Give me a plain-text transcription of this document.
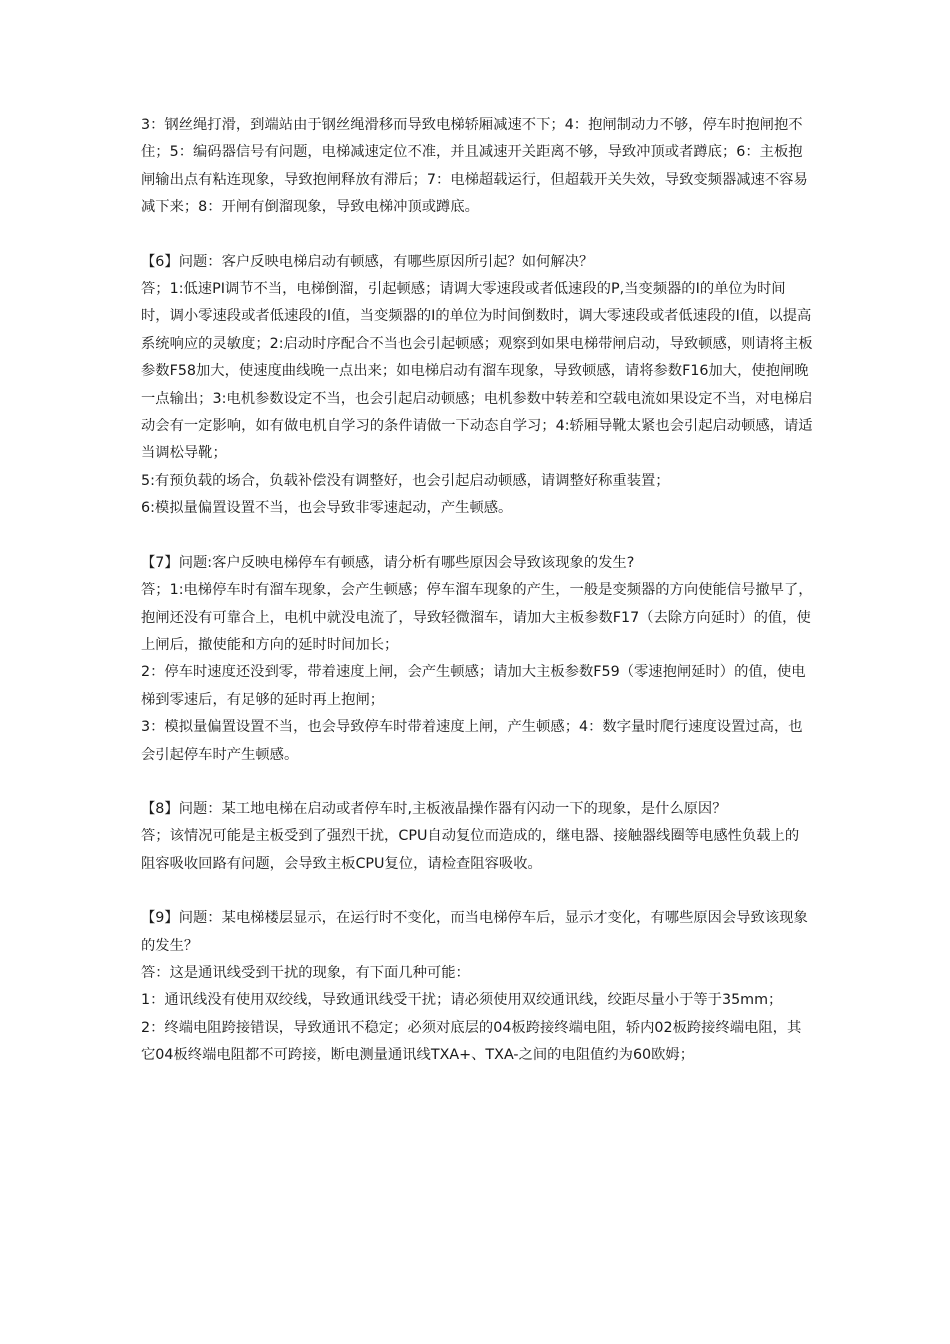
3：钢丝绳打滑，到端站由于钢丝绳滑移而导致电梯轿厢减速不下；4：抱闸制动力不够，停车时抱闸抱不住；5：编码器信号有问题，电梯减速定位不准，并且减速开关距离不够，导致冲顶或者蹲底；6：主板抱闸输出点有粘连现象，导致抱闸释放有滞后；7：电梯超载运行，但超载开关失效，导致变频器减速不容易减下来；8：开闸有倒溜现象，导致电梯冲顶或蹲底。

【6】问题：客户反映电梯启动有顿感，有哪些原因所引起？如何解决？

答；1:低速PI调节不当，电梯倒溜，引起顿感；请调大零速段或者低速段的P,当变频器的I的单位为时间时，调小零速段或者低速段的I值，当变频器的I的单位为时间倒数时，调大零速段或者低速段的I值，以提高系统响应的灵敏度；2:启动时序配合不当也会引起顿感；观察到如果电梯带闸启动，导致顿感，则请将主板参数F58加大，使速度曲线晚一点出来；如电梯启动有溜车现象，导致顿感，请将参数F16加大，使抱闸晚一点输出；3:电机参数设定不当，也会引起启动顿感；电机参数中转差和空载电流如果设定不当，对电梯启动会有一定影响，如有做电机自学习的条件请做一下动态自学习；4:轿厢导靴太紧也会引起启动顿感，请适当调松导靴；

5:有预负载的场合，负载补偿没有调整好，也会引起启动顿感，请调整好称重装置；

6:模拟量偏置设置不当，也会导致非零速起动，产生顿感。

【7】问题:客户反映电梯停车有顿感，请分析有哪些原因会导致该现象的发生?

答；1:电梯停车时有溜车现象，会产生顿感；停车溜车现象的产生，一般是变频器的方向使能信号撤早了，抱闸还没有可靠合上，电机中就没电流了，导致轻微溜车，请加大主板参数F17（去除方向延时）的值，使上闸后，撤使能和方向的延时时间加长；

2：停车时速度还没到零，带着速度上闸，会产生顿感；请加大主板参数F59（零速抱闸延时）的值，使电梯到零速后，有足够的延时再上抱闸；

3：模拟量偏置设置不当，也会导致停车时带着速度上闸，产生顿感；4：数字量时爬行速度设置过高，也会引起停车时产生顿感。

【8】问题：某工地电梯在启动或者停车时,主板液晶操作器有闪动一下的现象，是什么原因？

答；该情况可能是主板受到了强烈干扰，CPU自动复位而造成的，继电器、接触器线圈等电感性负载上的阻容吸收回路有问题，会导致主板CPU复位，请检查阻容吸收。

【9】问题：某电梯楼层显示，在运行时不变化，而当电梯停车后，显示才变化，有哪些原因会导致该现象的发生？

答：这是通讯线受到干扰的现象，有下面几种可能：

1：通讯线没有使用双绞线，导致通讯线受干扰；请必须使用双绞通讯线，绞距尽量小于等于35mm；

2：终端电阻跨接错误，导致通讯不稳定；必须对底层的04板跨接终端电阻，轿内02板跨接终端电阻，其它04板终端电阻都不可跨接，断电测量通讯线TXA+、TXA-之间的电阻值约为60欧姆；
